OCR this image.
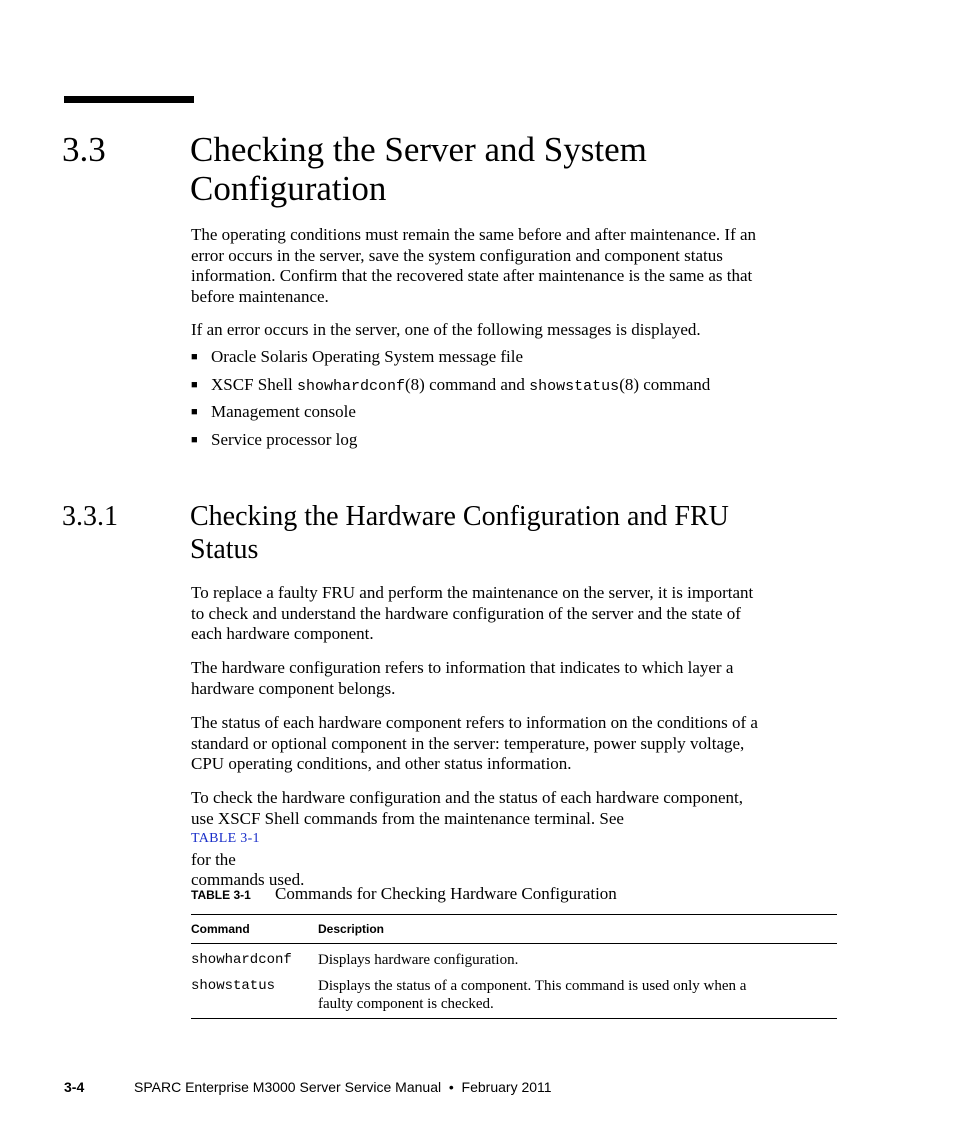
3.3 Checking the Server and System
Configuration

The operating conditions must remain the same before and after maintenance. If an
error occurs in the server, save the system configuration and component status
information. Confirm that the recovered state after maintenance is the same as that
before maintenance.

If an error occurs in the server, one of the following messages is displayed.

■ Oracle Solaris Operating System message file
■ XSCF Shell showhardconf(8) command and showstatus(8) command
■ Management console
■ Service processor log
3.3.1	Checking the Hardware Configuration and FRU
Status

To replace a faulty FRU and perform the maintenance on the server, it is important
to check and understand the hardware configuration of the server and the state of
each hardware component.

The hardware configuration refers to information that indicates to which layer a
hardware component belongs.

The status of each hardware component refers to information on the conditions of a
standard or optional component in the server: temperature, power supply voltage,
CPU operating conditions, and other status information.

To check the hardware configuration and the status of each hardware component,
use XSCF Shell commands from the maintenance terminal. See
TABLE 3-1
for the
commands used.

TABLE 3-1 Commands for Checking Hardware Configuration
Command	Description
showhardconf	Displays hardware configuration.
showstatus	Displays the status of a component. This command is used only when a
faulty component is checked.
3-4	SPARC Enterprise M3000 Server Service Manual  •  February 2011
